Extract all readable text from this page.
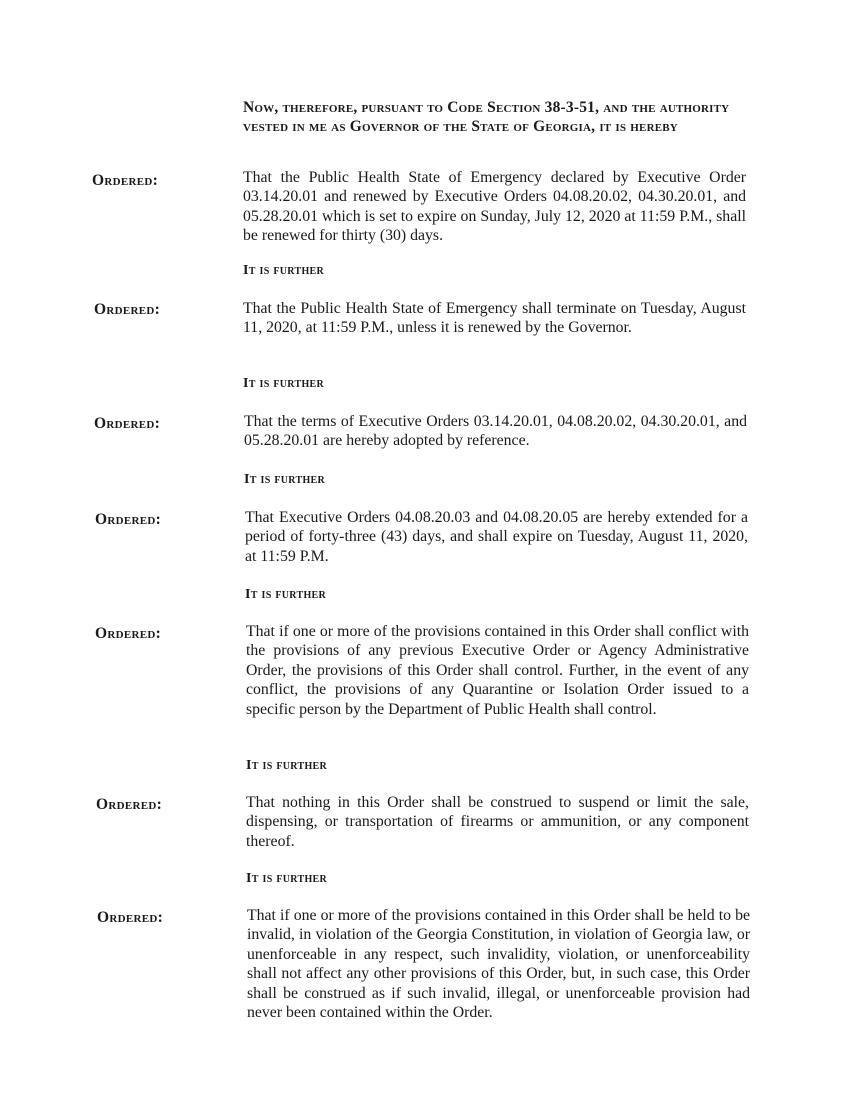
Now, therefore, pursuant to Code Section 38-3-51, and the authority vested in me as Governor of the State of Georgia, it is hereby

Ordered:	That the Public Health State of Emergency declared by Executive Order 03.14.20.01 and renewed by Executive Orders 04.08.20.02, 04.30.20.01, and 05.28.20.01 which is set to expire on Sunday, July 12, 2020 at 11:59 P.M., shall be renewed for thirty (30) days.

It is further

Ordered:	That the Public Health State of Emergency shall terminate on Tuesday, August 11, 2020, at 11:59 P.M., unless it is renewed by the Governor.

It is further

Ordered:	That the terms of Executive Orders 03.14.20.01, 04.08.20.02, 04.30.20.01, and 05.28.20.01 are hereby adopted by reference.

It is further

Ordered:	That Executive Orders 04.08.20.03 and 04.08.20.05 are hereby extended for a period of forty-three (43) days, and shall expire on Tuesday, August 11, 2020, at 11:59 P.M.

It is further

Ordered:	That if one or more of the provisions contained in this Order shall conflict with the provisions of any previous Executive Order or Agency Administrative Order, the provisions of this Order shall control. Further, in the event of any conflict, the provisions of any Quarantine or Isolation Order issued to a specific person by the Department of Public Health shall control.

It is further

Ordered:	That nothing in this Order shall be construed to suspend or limit the sale, dispensing, or transportation of firearms or ammunition, or any component thereof.

It is further

Ordered:	That if one or more of the provisions contained in this Order shall be held to be invalid, in violation of the Georgia Constitution, in violation of Georgia law, or unenforceable in any respect, such invalidity, violation, or unenforceability shall not affect any other provisions of this Order, but, in such case, this Order shall be construed as if such invalid, illegal, or unenforceable provision had never been contained within the Order.
